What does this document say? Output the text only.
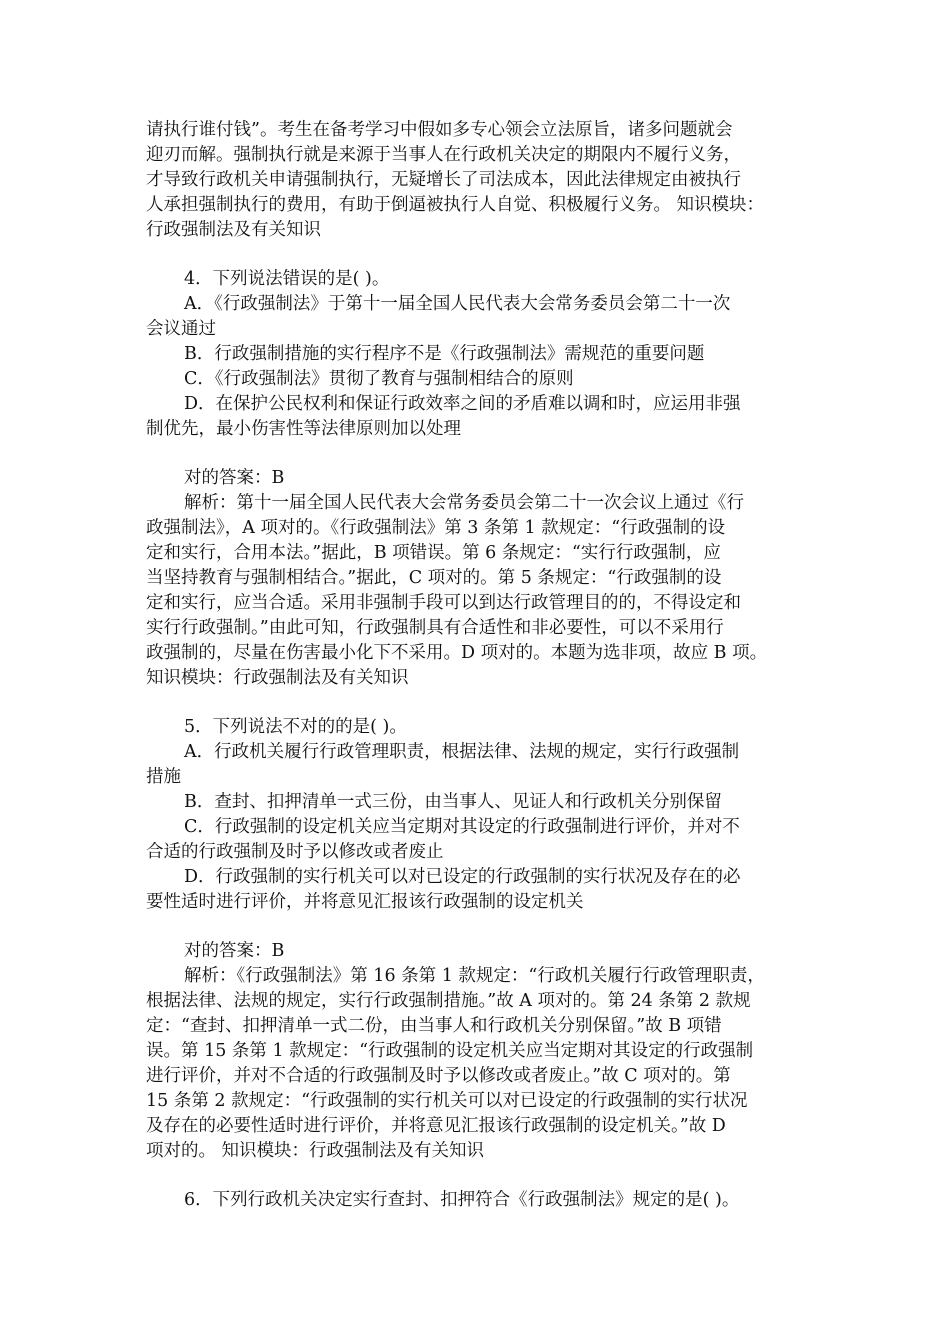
请执行谁付钱”。考生在备考学习中假如多专心领会立法原旨，诸多问题就会
迎刃而解。强制执行就是来源于当事人在行政机关决定的期限内不履行义务，
才导致行政机关申请强制执行，无疑增长了司法成本，因此法律规定由被执行
人承担强制执行的费用，有助于倒逼被执行人自觉、积极履行义务。 知识模块：
行政强制法及有关知识
4．下列说法错误的是( )。
A．《行政强制法》于第十一届全国人民代表大会常务委员会第二十一次
会议通过
B．行政强制措施的实行程序不是《行政强制法》需规范的重要问题
C．《行政强制法》贯彻了教育与强制相结合的原则
D．在保护公民权利和保证行政效率之间的矛盾难以调和时，应运用非强
制优先，最小伤害性等法律原则加以处理
对的答案：B
解析：第十一届全国人民代表大会常务委员会第二十一次会议上通过《行
政强制法》，A 项对的。《行政强制法》第 3 条第 1 款规定：“行政强制的设
定和实行，合用本法。”据此，B 项错误。第 6 条规定：“实行行政强制，应
当坚持教育与强制相结合。”据此，C 项对的。第 5 条规定：“行政强制的设
定和实行，应当合适。采用非强制手段可以到达行政管理目的的，不得设定和
实行行政强制。”由此可知，行政强制具有合适性和非必要性，可以不采用行
政强制的，尽量在伤害最小化下不采用。D 项对的。本题为选非项，故应 B 项。
知识模块：行政强制法及有关知识
5．下列说法不对的的是( )。
A．行政机关履行行政管理职责，根据法律、法规的规定，实行行政强制
措施
B．查封、扣押清单一式三份，由当事人、见证人和行政机关分别保留
C．行政强制的设定机关应当定期对其设定的行政强制进行评价，并对不
合适的行政强制及时予以修改或者废止
D．行政强制的实行机关可以对已设定的行政强制的实行状况及存在的必
要性适时进行评价，并将意见汇报该行政强制的设定机关
对的答案：B
解析：《行政强制法》第 16 条第 1 款规定：“行政机关履行行政管理职责，
根据法律、法规的规定，实行行政强制措施。”故 A 项对的。第 24 条第 2 款规
定：“查封、扣押清单一式二份，由当事人和行政机关分别保留。”故 B 项错
误。第 15 条第 1 款规定：“行政强制的设定机关应当定期对其设定的行政强制
进行评价，并对不合适的行政强制及时予以修改或者废止。”故 C 项对的。第
15 条第 2 款规定：“行政强制的实行机关可以对已设定的行政强制的实行状况
及存在的必要性适时进行评价，并将意见汇报该行政强制的设定机关。”故 D
项对的。 知识模块：行政强制法及有关知识
6．下列行政机关决定实行查封、扣押符合《行政强制法》规定的是( )。
